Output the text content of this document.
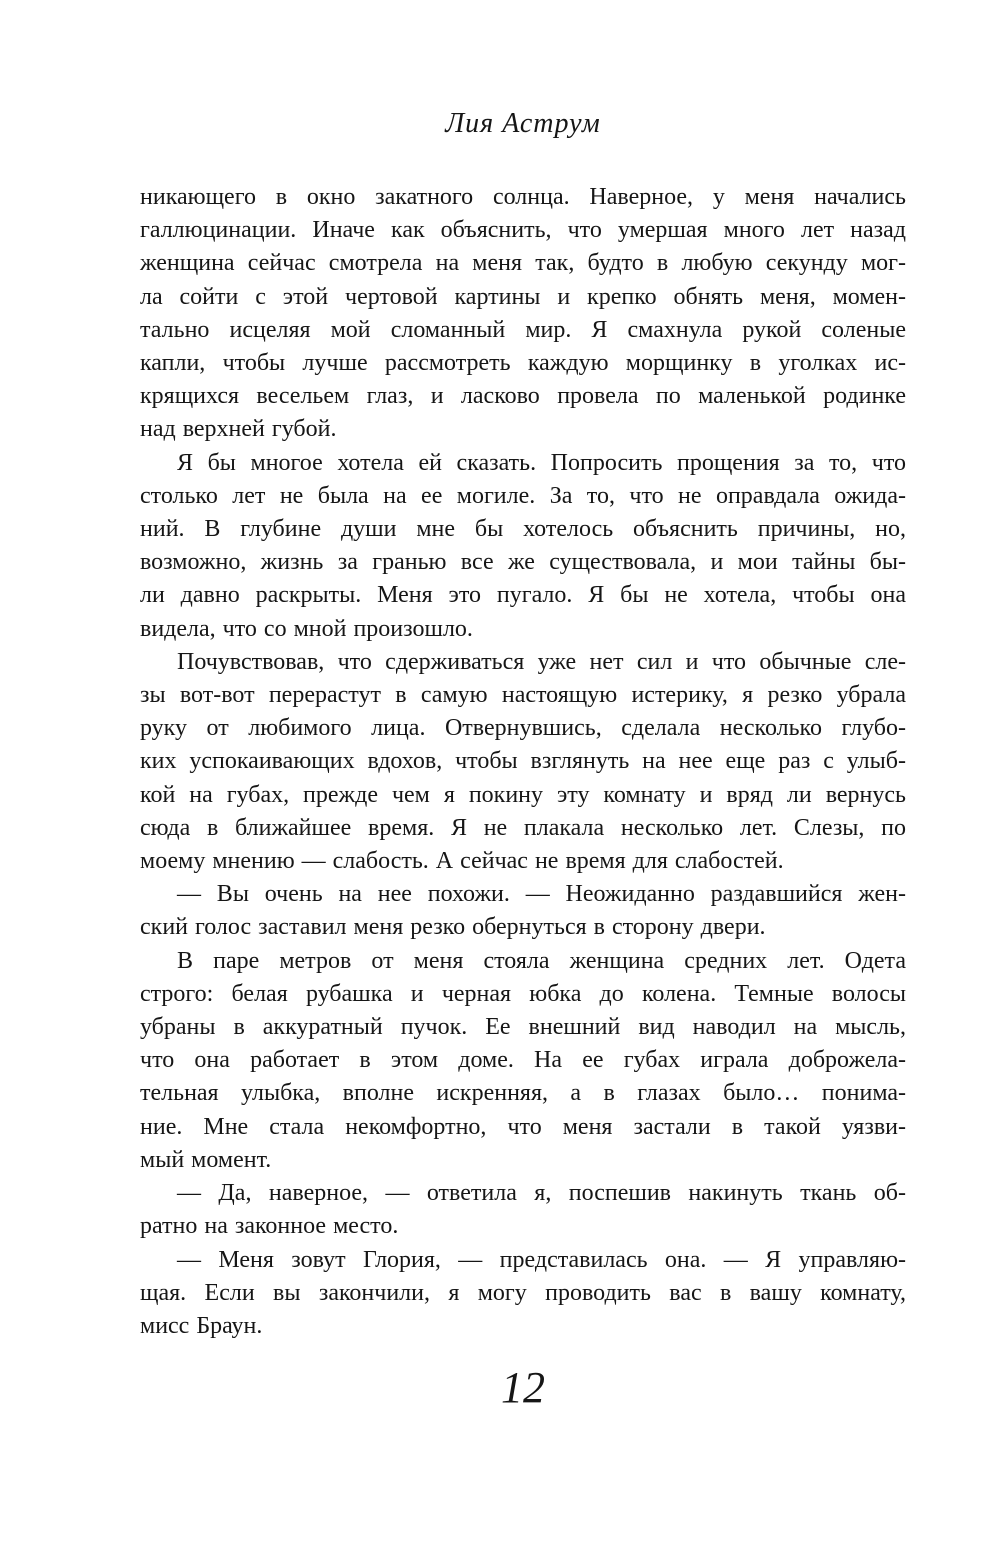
Лия Аструм
никающего в окно закатного солнца. Наверное, у меня начались
галлюцинации. Иначе как объяснить, что умершая много лет назад
женщина сейчас смотрела на меня так, будто в любую секунду мог-
ла сойти с этой чертовой картины и крепко обнять меня, момен-
тально исцеляя мой сломанный мир. Я смахнула рукой соленые
капли, чтобы лучше рассмотреть каждую морщинку в уголках ис-
крящихся весельем глаз, и ласково провела по маленькой родинке
над верхней губой.
Я бы многое хотела ей сказать. Попросить прощения за то, что
столько лет не была на ее могиле. За то, что не оправдала ожида-
ний. В глубине души мне бы хотелось объяснить причины, но,
возможно, жизнь за гранью все же существовала, и мои тайны бы-
ли давно раскрыты. Меня это пугало. Я бы не хотела, чтобы она
видела, что со мной произошло.
Почувствовав, что сдерживаться уже нет сил и что обычные сле-
зы вот-вот перерастут в самую настоящую истерику, я резко убрала
руку от любимого лица. Отвернувшись, сделала несколько глубо-
ких успокаивающих вдохов, чтобы взглянуть на нее еще раз с улыб-
кой на губах, прежде чем я покину эту комнату и вряд ли вернусь
сюда в ближайшее время. Я не плакала несколько лет. Слезы, по
моему мнению — слабость. А сейчас не время для слабостей.
— Вы очень на нее похожи. — Неожиданно раздавшийся жен-
ский голос заставил меня резко обернуться в сторону двери.
В паре метров от меня стояла женщина средних лет. Одета
строго: белая рубашка и черная юбка до колена. Темные волосы
убраны в аккуратный пучок. Ее внешний вид наводил на мысль,
что она работает в этом доме. На ее губах играла доброжела-
тельная улыбка, вполне искренняя, а в глазах было… понима-
ние. Мне стала некомфортно, что меня застали в такой уязви-
мый момент.
— Да, наверное, — ответила я, поспешив накинуть ткань об-
ратно на законное место.
— Меня зовут Глория, — представилась она. — Я управляю-
щая. Если вы закончили, я могу проводить вас в вашу комнату,
мисс Браун.
12
